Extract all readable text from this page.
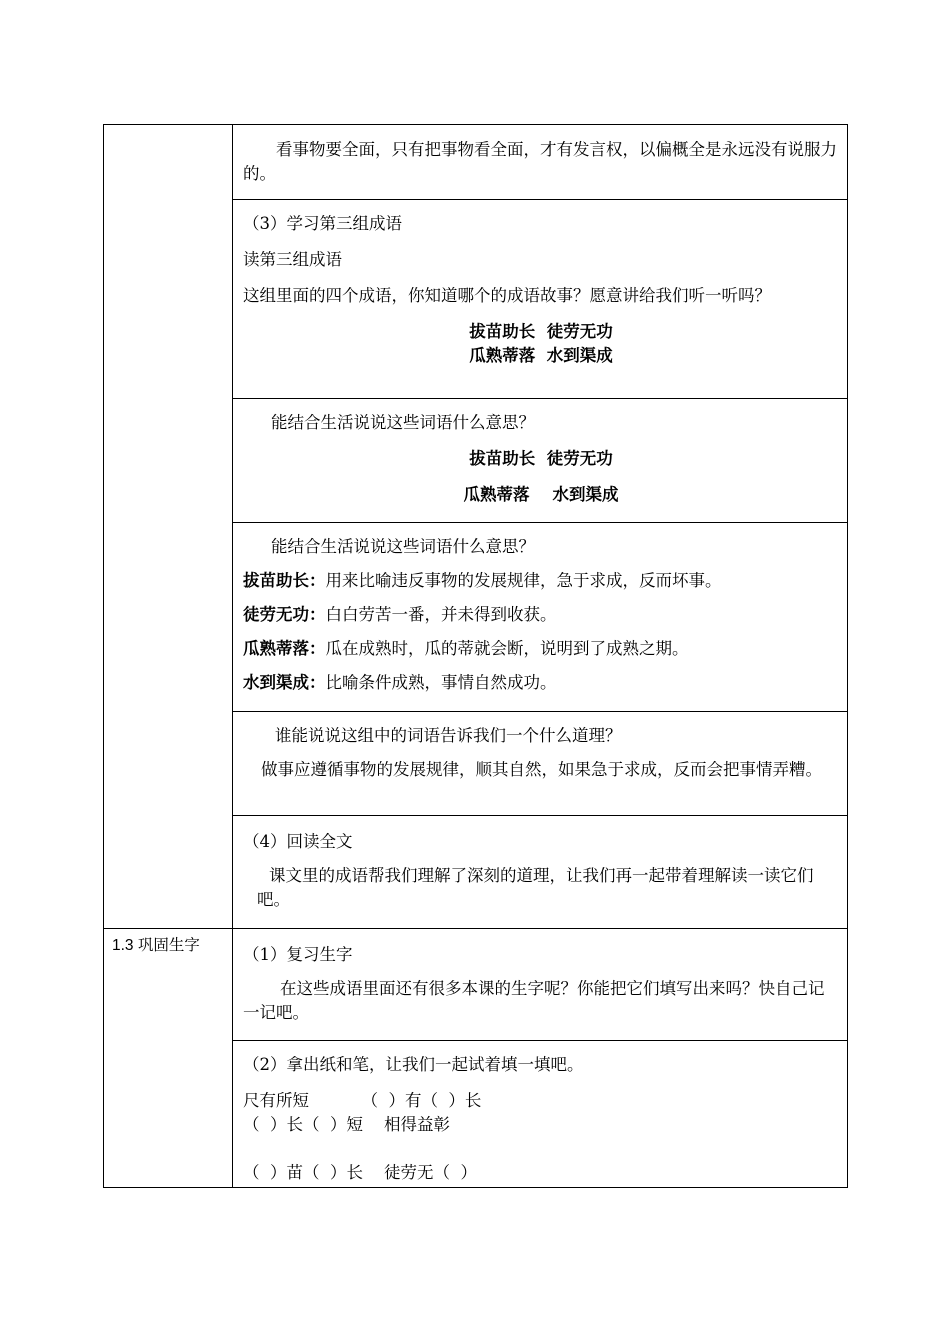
	看事物要全面，只有把事物看全面，才有发言权，以偏概全是永远没有说服力的。

	（3）学习第三组成语

读第三组成语

这组里面的四个成语，你知道哪个的成语故事？愿意讲给我们听一听吗？

拔苗助长  徒劳无功

瓜熟蒂落  水到渠成

	能结合生活说说这些词语什么意思？

拔苗助长  徒劳无功

瓜熟蒂落    水到渠成

	能结合生活说说这些词语什么意思？

拔苗助长：用来比喻违反事物的发展规律，急于求成，反而坏事。

徒劳无功：白白劳苦一番，并未得到收获。

瓜熟蒂落：瓜在成熟时，瓜的蒂就会断，说明到了成熟之期。

水到渠成：比喻条件成熟，事情自然成功。

	谁能说说这组中的词语告诉我们一个什么道理？

做事应遵循事物的发展规律，顺其自然，如果急于求成，反而会把事情弄糟。

	（4）回读全文

课文里的成语帮我们理解了深刻的道理，让我们再一起带着理解读一读它们吧。

1.3 巩固生字	（1）复习生字

在这些成语里面还有很多本课的生字呢？你能把它们填写出来吗？快自己记一记吧。

	（2）拿出纸和笔，让我们一起试着填一填吧。

尺有所短          （  ）有（  ）长

（  ）长（  ）短    相得益彰

（  ）苗（  ）长    徒劳无（  ）
